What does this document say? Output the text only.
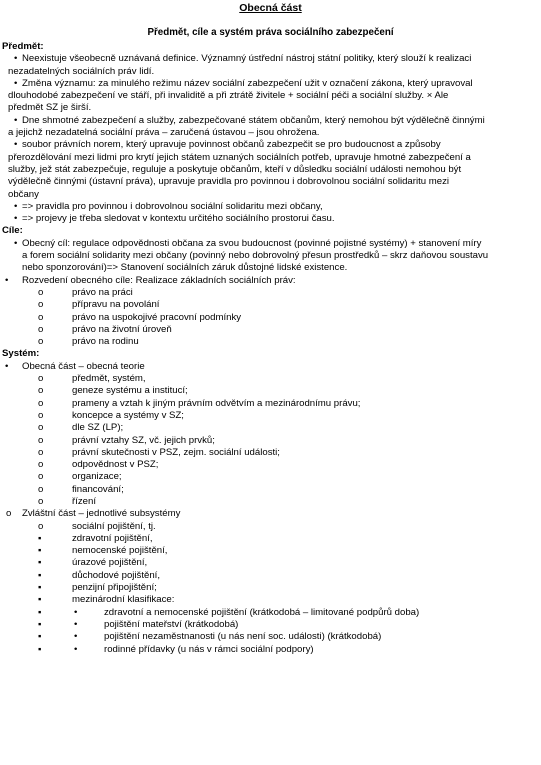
Obecná část
Předmět, cíle a systém práva sociálního zabezpečení
Předmět:
• Neexistuje všeobecně uznávaná definice. Významný ústřední nástroj státní politiky, který slouží k realizaci
nezadatelných sociálních práv lidí.
• Změna významu: za minulého režimu název sociální zabezpečení užit v označení zákona, který upravoval
dlouhodobé zabezpečení ve stáří, při invaliditě a při ztrátě živitele + sociální péči a sociální služby. × Ale
předmět SZ je širší.
• Dne shmotné zabezpečení a služby, zabezpečované státem občanům, který nemohou být výdělečně činnými
a jejichž nezadatelná sociální práva – zaručená ústavou – jsou ohrožena.
• soubor právních norem, který upravuje povinnost občanů zabezpečit se pro budoucnost a způsoby
přerozdělování mezi lidmi pro krytí jejich státem uznaných sociálních potřeb, upravuje hmotné zabezpečení a
služby, jež stát zabezpečuje, reguluje a poskytuje občanům, kteří v důsledku sociální události nemohou být
výdělečně činnými (ústavní práva), upravuje pravidla pro povinnou i dobrovolnou sociální solidaritu mezi
občany
• => pravidla pro povinnou i dobrovolnou sociální solidaritu mezi občany,
• => projevy je třeba sledovat v kontextu určitého sociálního prostorui času.
Cíle:
• Obecný cíl: regulace odpovědnosti občana za svou budoucnost (povinné pojistné systémy) + stanovení míry
a forem sociální solidarity mezi občany (povinný nebo dobrovolný přesun prostředků – skrz daňovou soustavu
nebo sponzorování)=> Stanovení sociálních záruk důstojné lidské existence.
• Rozvedení obecného cíle: Realizace základních sociálních práv:
o	právo na práci
o	přípravu na povolání
o	právo na uspokojivé pracovní podmínky
o	právo na životní úroveň
o	právo na rodinu
Systém:
• Obecná část – obecná teorie
o	předmět, systém,
o	geneze systému a institucí;
o	prameny a vztah k jiným právním odvětvím a mezinárodnímu právu;
o	koncepce a systémy v SZ;
o	dle SZ (LP);
o	právní vztahy SZ, vč. jejich prvků;
o	právní skutečnosti v PSZ, zejm. sociální události;
o	odpovědnost v PSZ;
o	organizace;
o	financování;
o	řízení
o Zvláštní část – jednotlivé subsystémy
o	sociální pojištění, tj.
▪	zdravotní pojištění,
▪	nemocenské pojištění,
▪	úrazové pojištění,
▪	důchodové pojištění,
▪	penzijní připojištění;
▪	mezinárodní klasifikace:
▪	•	zdravotní a nemocenské pojištění (krátkodobá – limitované podpůrů doba)
▪	•	pojištění mateřství (krátkodobá)
▪	•	pojištění nezaměstnanosti (u nás není soc. události) (krátkodobá)
▪	•	rodinné přídavky (u nás v rámci sociální podpory)
